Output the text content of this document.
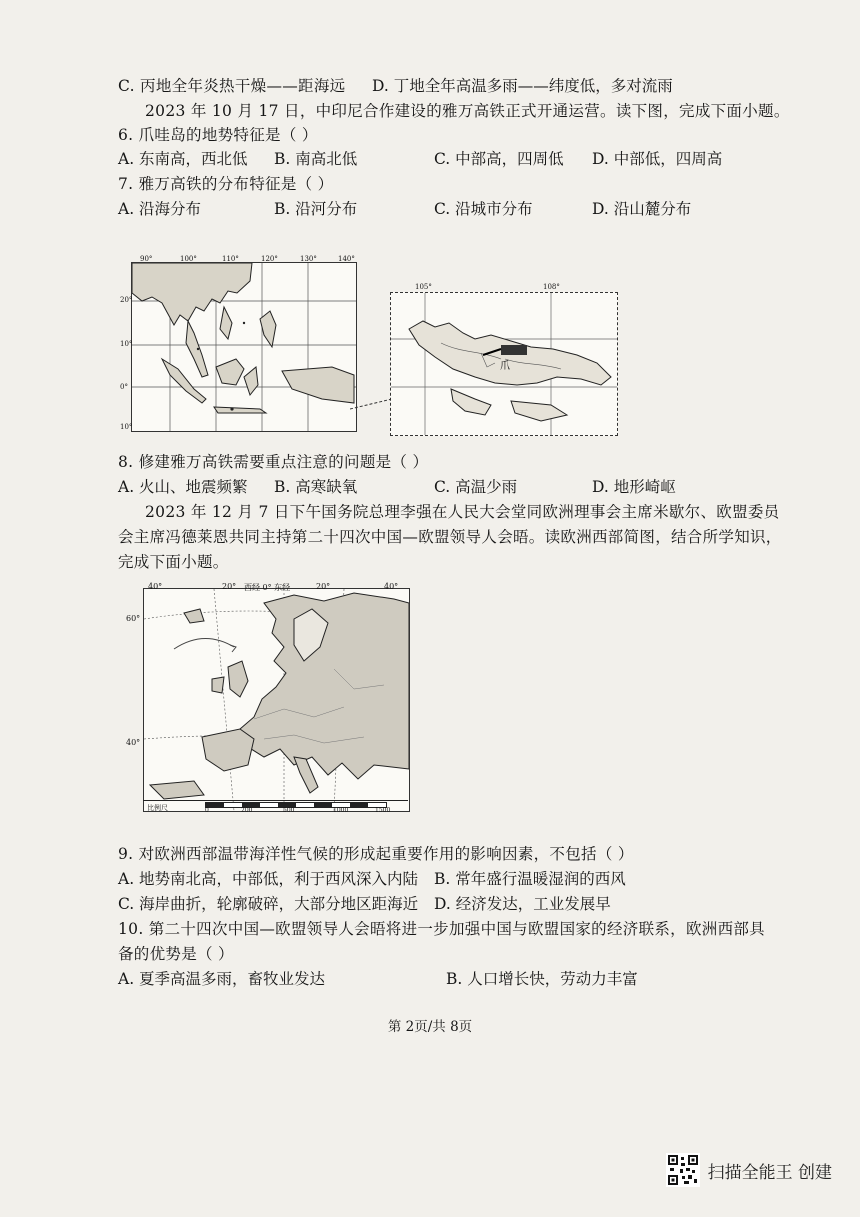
C. 丙地全年炎热干燥——距海远 D. 丁地全年高温多雨——纬度低，多对流雨
2023 年 10 月 17 日，中印尼合作建设的雅万高铁正式开通运营。读下图，完成下面小题。
6. 爪哇岛的地势特征是（ ）
A. 东南高，西北低 B. 南高北低	C. 中部高，四周低 D. 中部低，四周高
7. 雅万高铁的分布特征是（ ）
A. 沿海分布	B. 沿河分布	C. 沿城市分布	D. 沿山麓分布
90°	100°	110°	120°	130°	140°
20°
10°
0°
10°
105°	108°
爪
8. 修建雅万高铁需要重点注意的问题是（ ）
A. 火山、地震频繁 B. 高寒缺氧	C. 高温少雨	D. 地形崎岖
2023 年 12 月 7 日下午国务院总理李强在人民大会堂同欧洲理事会主席米歇尔、欧盟委员
会主席冯德莱恩共同主持第二十四次中国—欧盟领导人会晤。读欧洲西部简图，结合所学知识，
完成下面小题。
40°	20° 西经 0° 东经	20°	40°
60°
40°
比例尺	0	200	500	1000	1500
9. 对欧洲西部温带海洋性气候的形成起重要作用的影响因素，不包括（ ）
A. 地势南北高，中部低，利于西风深入内陆 B. 常年盛行温暖湿润的西风
C. 海岸曲折，轮廓破碎，大部分地区距海近 D. 经济发达，工业发展早
10. 第二十四次中国—欧盟领导人会晤将进一步加强中国与欧盟国家的经济联系，欧洲西部具
备的优势是（ ）
A. 夏季高温多雨，畜牧业发达	B. 人口增长快，劳动力丰富
第 2页/共 8页
扫描全能王 创建
